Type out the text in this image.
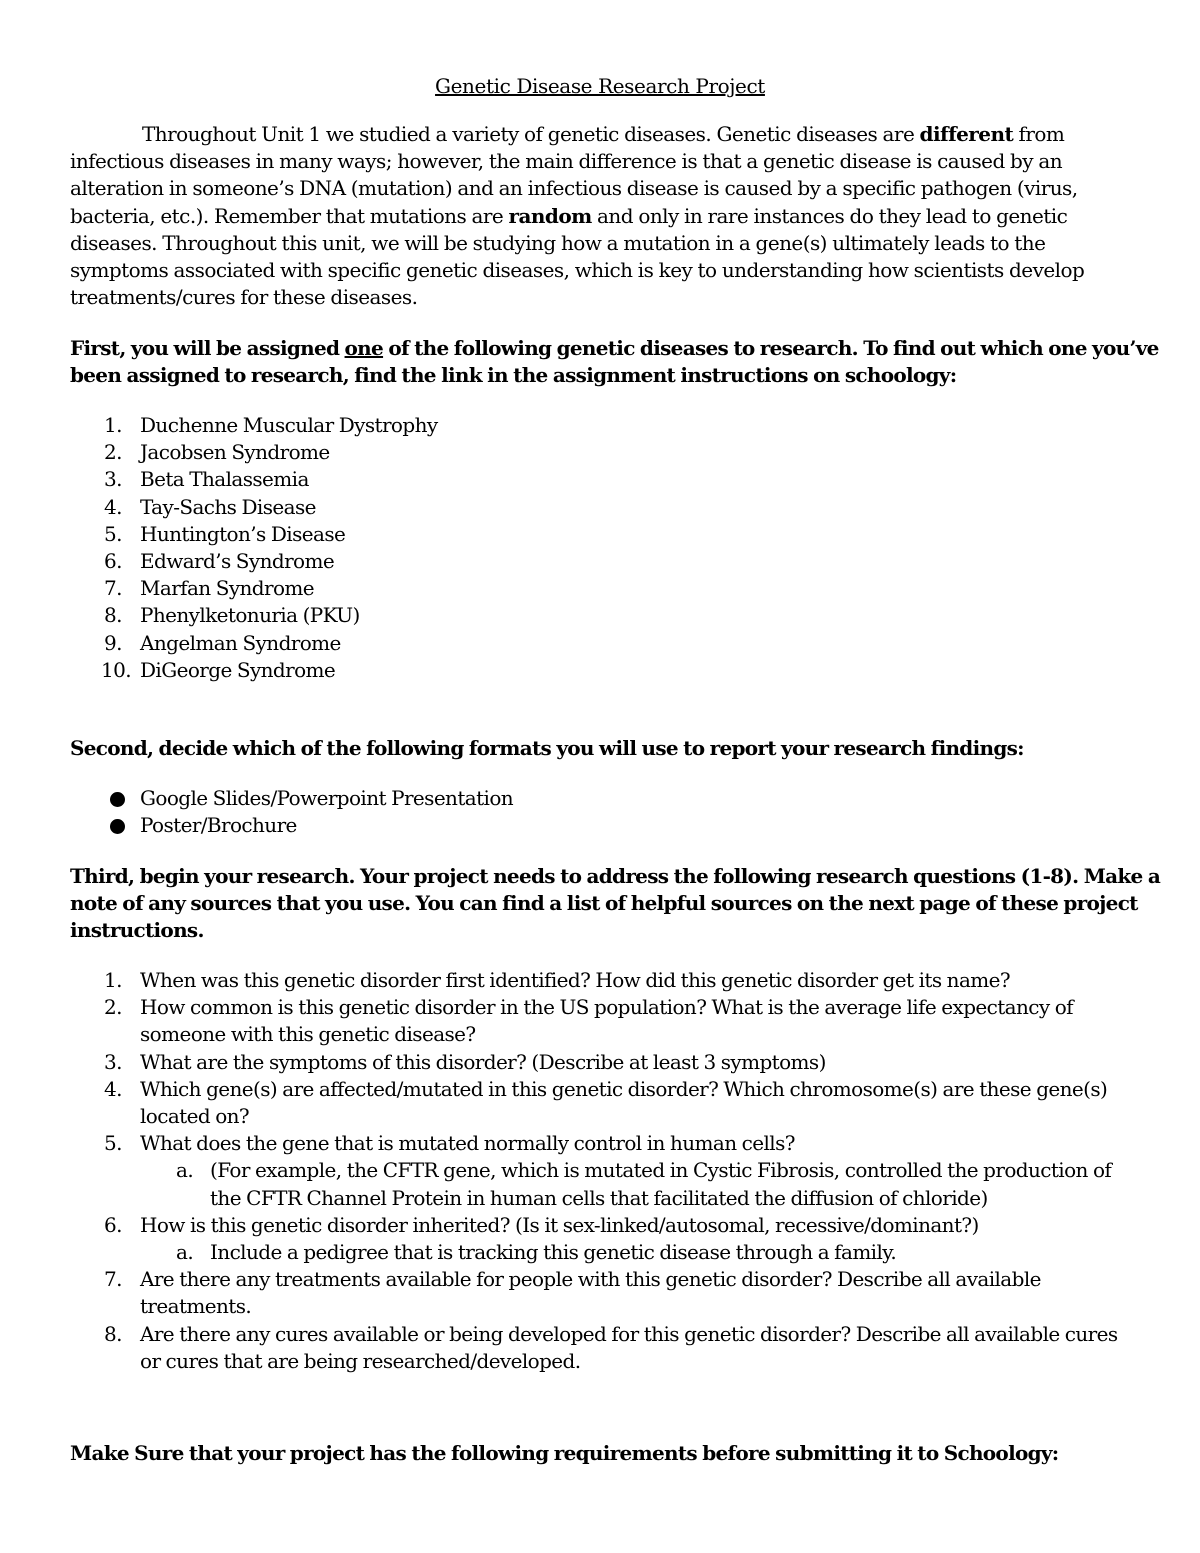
Genetic Disease Research Project
Throughout Unit 1 we studied a variety of genetic diseases. Genetic diseases are different from
infectious diseases in many ways; however, the main difference is that a genetic disease is caused by an
alteration in someone’s DNA (mutation) and an infectious disease is caused by a specific pathogen (virus,
bacteria, etc.). Remember that mutations are random and only in rare instances do they lead to genetic
diseases. Throughout this unit, we will be studying how a mutation in a gene(s) ultimately leads to the
symptoms associated with specific genetic diseases, which is key to understanding how scientists develop
treatments/cures for these diseases.
First, you will be assigned one of the following genetic diseases to research. To find out which one you’ve
been assigned to research, find the link in the assignment instructions on schoology:
1. Duchenne Muscular Dystrophy
2. Jacobsen Syndrome
3. Beta Thalassemia
4. Tay-Sachs Disease
5. Huntington’s Disease
6. Edward’s Syndrome
7. Marfan Syndrome
8. Phenylketonuria (PKU)
9. Angelman Syndrome
10. DiGeorge Syndrome
Second, decide which of the following formats you will use to report your research findings:
Google Slides/Powerpoint Presentation
Poster/Brochure
Third, begin your research. Your project needs to address the following research questions (1-8). Make a
note of any sources that you use. You can find a list of helpful sources on the next page of these project
instructions.
1. When was this genetic disorder first identified? How did this genetic disorder get its name?
2. How common is this genetic disorder in the US population? What is the average life expectancy of
someone with this genetic disease?
3. What are the symptoms of this disorder? (Describe at least 3 symptoms)
4. Which gene(s) are affected/mutated in this genetic disorder? Which chromosome(s) are these gene(s)
located on?
5. What does the gene that is mutated normally control in human cells?
a. (For example, the CFTR gene, which is mutated in Cystic Fibrosis, controlled the production of
the CFTR Channel Protein in human cells that facilitated the diffusion of chloride)
6. How is this genetic disorder inherited? (Is it sex-linked/autosomal, recessive/dominant?)
a. Include a pedigree that is tracking this genetic disease through a family.
7. Are there any treatments available for people with this genetic disorder? Describe all available
treatments.
8. Are there any cures available or being developed for this genetic disorder? Describe all available cures
or cures that are being researched/developed.
Make Sure that your project has the following requirements before submitting it to Schoology:
